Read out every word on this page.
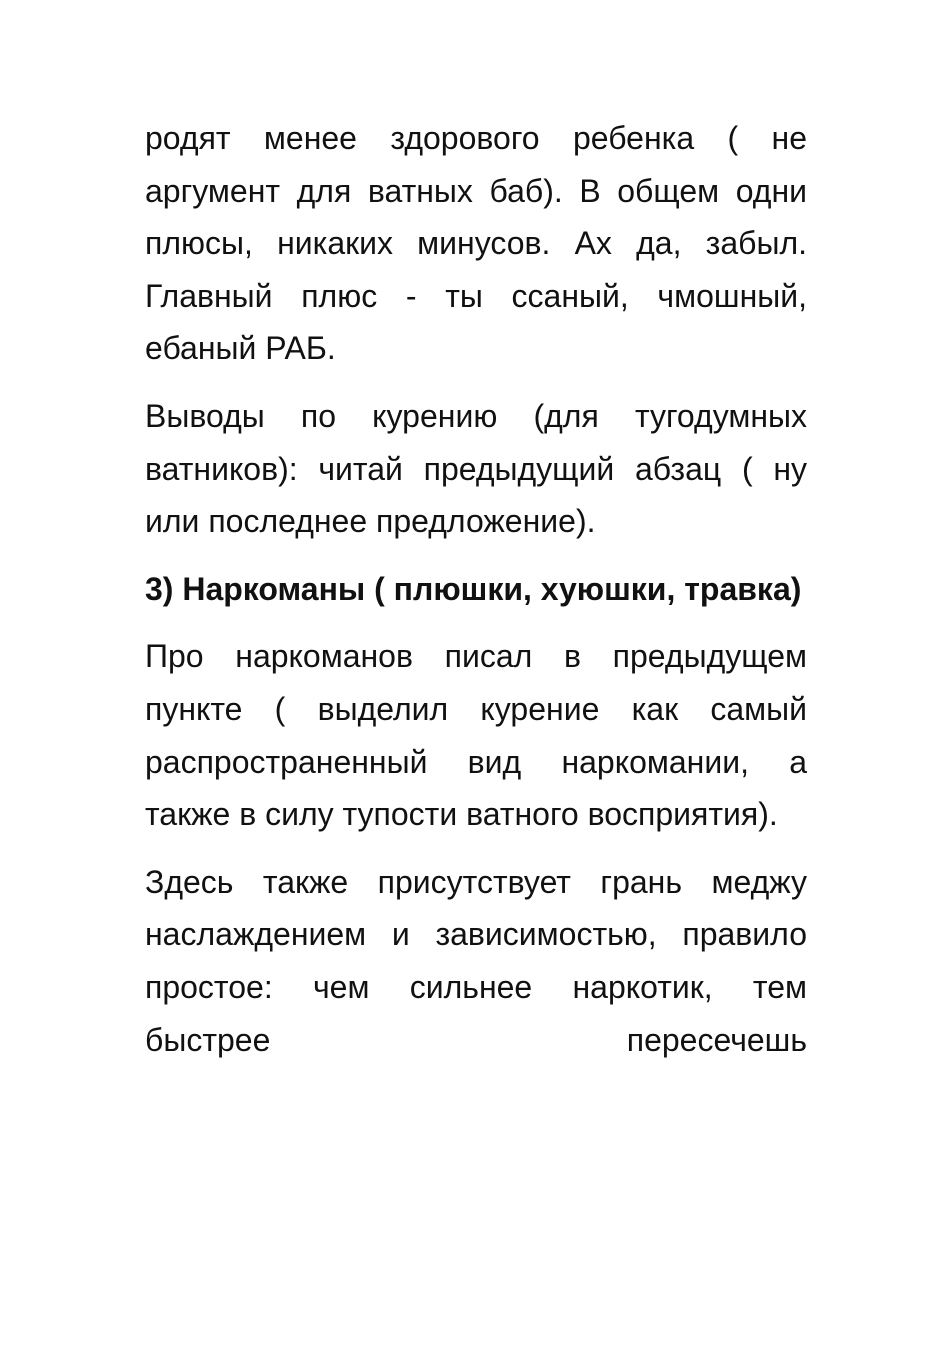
родят менее здорового ребенка ( не аргумент для ватных баб). В общем одни плюсы, никаких минусов. Ах да, забыл. Главный плюс - ты ссаный, чмошный, ебаный РАБ.

Выводы по курению (для тугодумных ватников): читай предыдущий абзац ( ну или последнее предложение).

3) Наркоманы ( плюшки, хуюшки, травка)

Про наркоманов писал в предыдущем пункте ( выделил курение как самый распространенный вид наркомании, а также в силу тупости ватного восприятия).

Здесь также присутствует грань меджу наслаждением и зависимостью, правило простое: чем сильнее наркотик, тем быстрее пересечешь
